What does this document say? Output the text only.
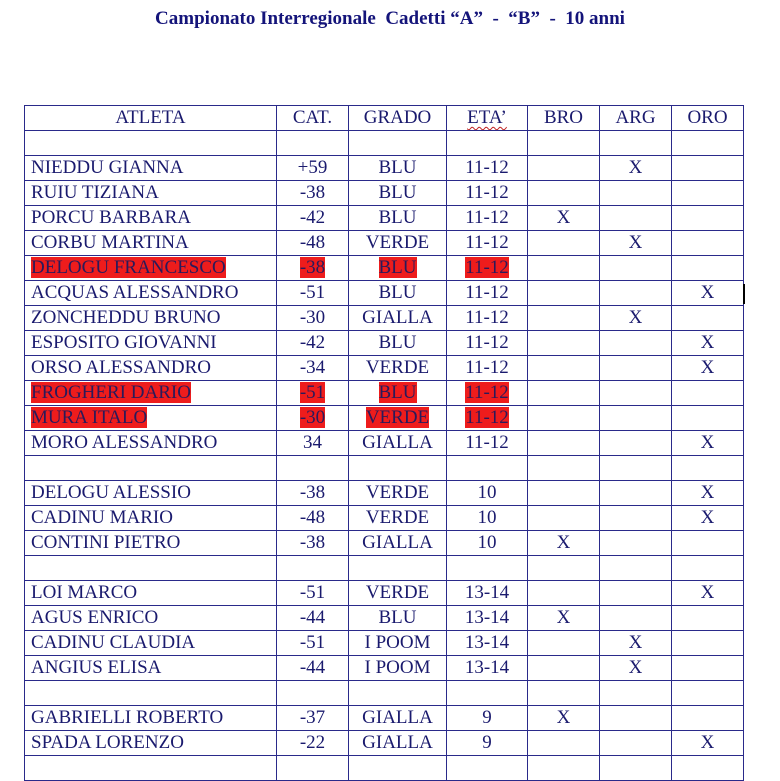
Campionato Interregionale  Cadetti “A”  -  “B”  -  10 anni
ATLETA	CAT.	GRADO	ETA’	BRO	ARG	ORO

NIEDDU GIANNA	+59	BLU	11-12		X	
RUIU TIZIANA	-38	BLU	11-12			
PORCU BARBARA	-42	BLU	11-12	X		
CORBU MARTINA	-48	VERDE	11-12		X	
DELOGU FRANCESCO	-38	BLU	11-12			
ACQUAS ALESSANDRO	-51	BLU	11-12			X
ZONCHEDDU BRUNO	-30	GIALLA	11-12		X	
ESPOSITO GIOVANNI	-42	BLU	11-12			X
ORSO ALESSANDRO	-34	VERDE	11-12			X
FROGHERI DARIO	-51	BLU	11-12			
MURA ITALO	-30	VERDE	11-12			
MORO ALESSANDRO	34	GIALLA	11-12			X

DELOGU ALESSIO	-38	VERDE	10			X
CADINU MARIO	-48	VERDE	10			X
CONTINI PIETRO	-38	GIALLA	10	X		

LOI MARCO	-51	VERDE	13-14			X
AGUS ENRICO	-44	BLU	13-14	X		
CADINU CLAUDIA	-51	I POOM	13-14		X	
ANGIUS ELISA	-44	I POOM	13-14		X	

GABRIELLI ROBERTO	-37	GIALLA	9	X		
SPADA LORENZO	-22	GIALLA	9			X
